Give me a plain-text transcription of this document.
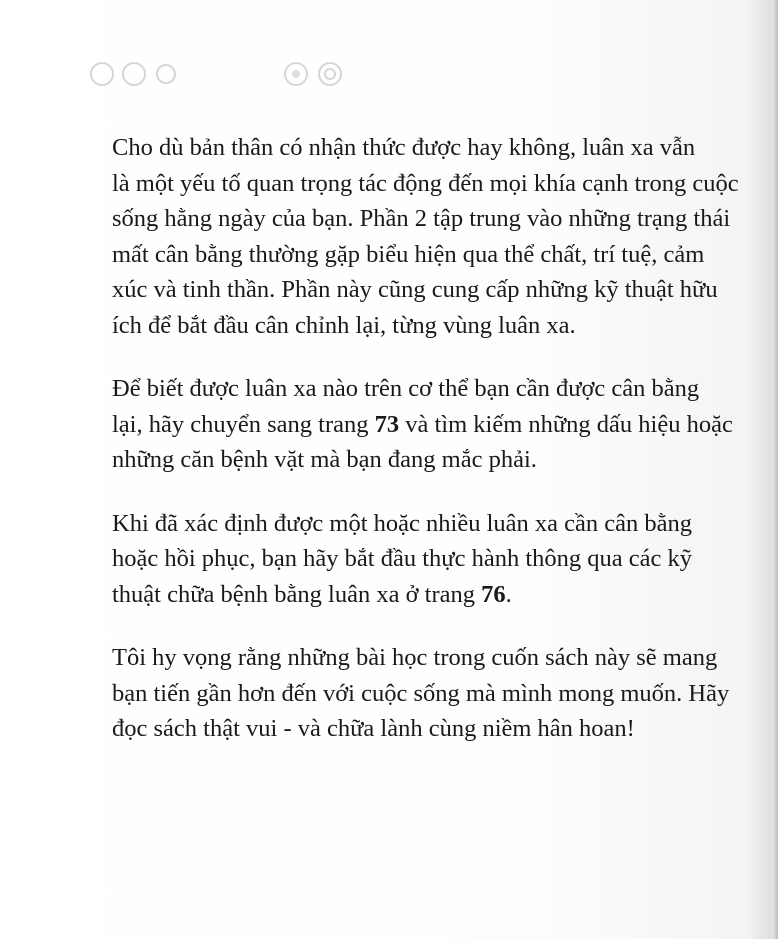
Cho dù bản thân có nhận thức được hay không, luân xa vẫn
là một yếu tố quan trọng tác động đến mọi khía cạnh trong cuộc
sống hằng ngày của bạn. Phần 2 tập trung vào những trạng thái
mất cân bằng thường gặp biểu hiện qua thể chất, trí tuệ, cảm
xúc và tinh thần. Phần này cũng cung cấp những kỹ thuật hữu
ích để bắt đầu cân chỉnh lại, từng vùng luân xa.

Để biết được luân xa nào trên cơ thể bạn cần được cân bằng
lại, hãy chuyển sang trang 73 và tìm kiếm những dấu hiệu hoặc
những căn bệnh vặt mà bạn đang mắc phải.

Khi đã xác định được một hoặc nhiều luân xa cần cân bằng
hoặc hồi phục, bạn hãy bắt đầu thực hành thông qua các kỹ
thuật chữa bệnh bằng luân xa ở trang 76.

Tôi hy vọng rằng những bài học trong cuốn sách này sẽ mang
bạn tiến gần hơn đến với cuộc sống mà mình mong muốn. Hãy
đọc sách thật vui - và chữa lành cùng niềm hân hoan!
